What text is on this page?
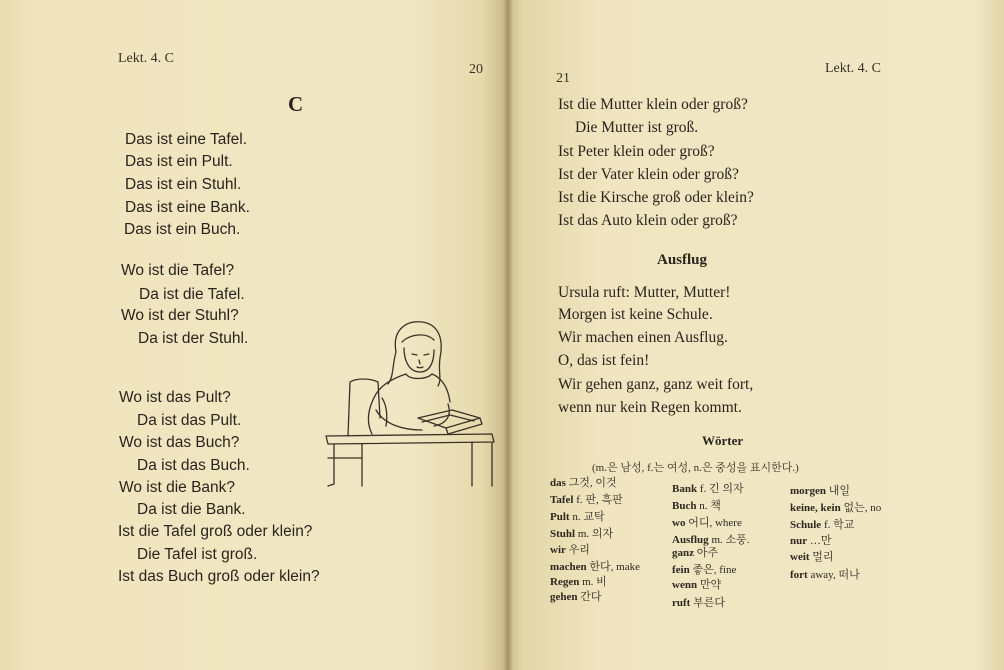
Lekt. 4. C
20
C
Das ist eine Tafel.
Das ist ein Pult.
Das ist ein Stuhl.
Das ist eine Bank.
Das ist ein Buch.
Wo ist die Tafel?
Da ist die Tafel.
Wo ist der Stuhl?
Da ist der Stuhl.
Wo ist das Pult?
Da ist das Pult.
Wo ist das Buch?
Da ist das Buch.
Wo ist die Bank?
Da ist die Bank.
Ist die Tafel groß oder klein?
Die Tafel ist groß.
Ist das Buch groß oder klein?
21
Lekt. 4. C
Ist die Mutter klein oder groß?
Die Mutter ist groß.
Ist Peter klein oder groß?
Ist der Vater klein oder groß?
Ist die Kirsche groß oder klein?
Ist das Auto klein oder groß?
Ausflug
Ursula ruft: Mutter, Mutter!
Morgen ist keine Schule.
Wir machen einen Ausflug.
O, das ist fein!
Wir gehen ganz, ganz weit fort,
wenn nur kein Regen kommt.
Wörter
(m.은 남성, f.는 여성, n.은 중성을 표시한다.)
das 그것, 이것
Tafel f. 판, 흑판
Pult n. 교탁
Stuhl m. 의자
wir 우리
machen 한다, make
Regen m. 비
gehen 간다
Bank f. 긴 의자
Buch n. 책
wo 어디, where
Ausflug m. 소풍.
ganz 아주
fein 좋은, fine
wenn 만약
ruft 부른다
morgen 내일
keine, kein 없는, no
Schule f. 학교
nur …만
weit 멀리
fort away, 떠나
